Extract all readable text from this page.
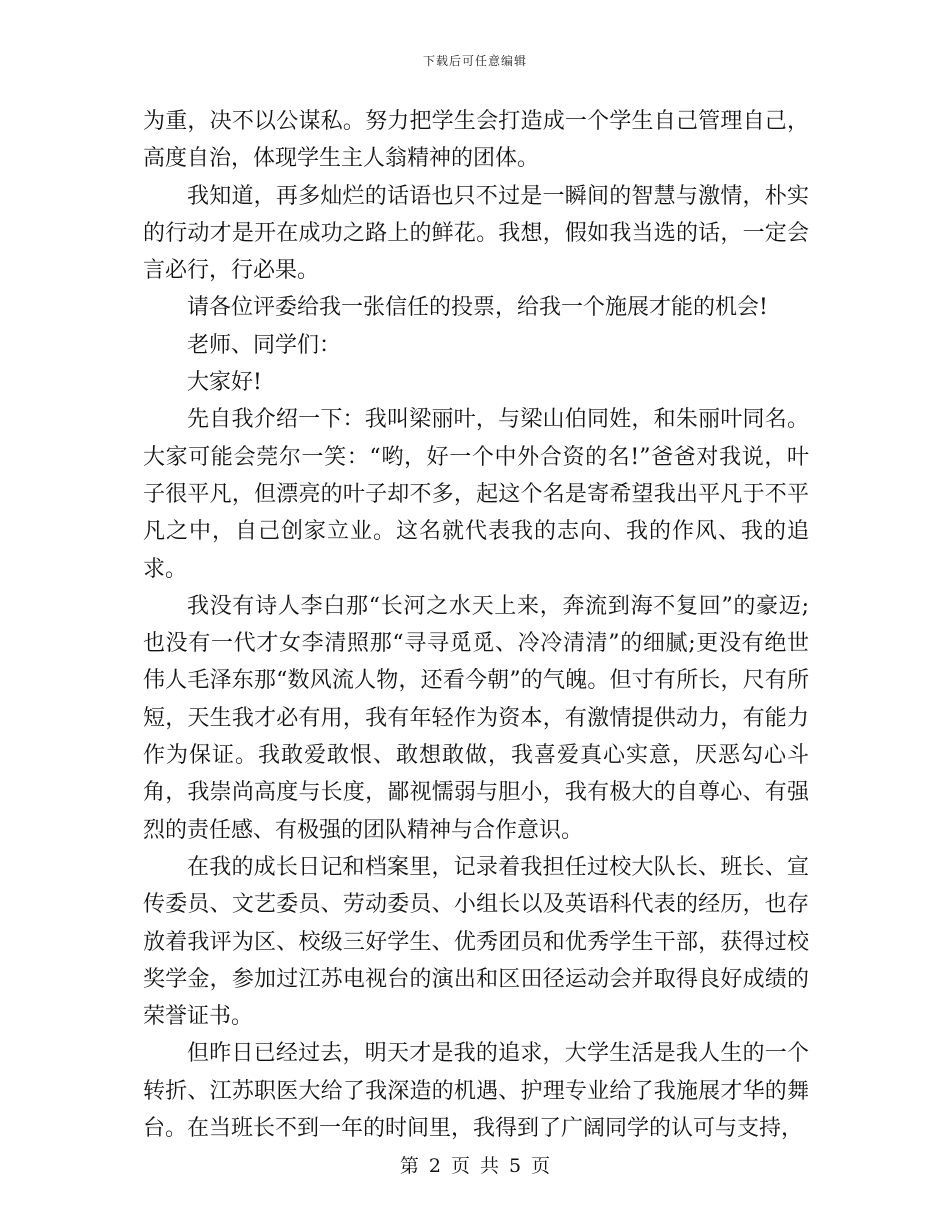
下载后可任意编辑

为重，决不以公谋私。努力把学生会打造成一个学生自己管理自己，高度自治，体现学生主人翁精神的团体。

我知道，再多灿烂的话语也只不过是一瞬间的智慧与激情，朴实的行动才是开在成功之路上的鲜花。我想，假如我当选的话，一定会言必行，行必果。

请各位评委给我一张信任的投票，给我一个施展才能的机会!

老师、同学们：

大家好!

先自我介绍一下：我叫梁丽叶，与梁山伯同姓，和朱丽叶同名。大家可能会莞尔一笑：“哟，好一个中外合资的名!”爸爸对我说，叶子很平凡，但漂亮的叶子却不多，起这个名是寄希望我出平凡于不平凡之中，自己创家立业。这名就代表我的志向、我的作风、我的追求。

我没有诗人李白那“长河之水天上来，奔流到海不复回”的豪迈;也没有一代才女李清照那“寻寻觅觅、冷冷清清”的细腻;更没有绝世伟人毛泽东那“数风流人物，还看今朝”的气魄。但寸有所长，尺有所短，天生我才必有用，我有年轻作为资本，有激情提供动力，有能力作为保证。我敢爱敢恨、敢想敢做，我喜爱真心实意，厌恶勾心斗角，我崇尚高度与长度，鄙视懦弱与胆小，我有极大的自尊心、有强烈的责任感、有极强的团队精神与合作意识。

在我的成长日记和档案里，记录着我担任过校大队长、班长、宣传委员、文艺委员、劳动委员、小组长以及英语科代表的经历，也存放着我评为区、校级三好学生、优秀团员和优秀学生干部，获得过校奖学金，参加过江苏电视台的演出和区田径运动会并取得良好成绩的荣誉证书。

但昨日已经过去，明天才是我的追求，大学生活是我人生的一个转折、江苏职医大给了我深造的机遇、护理专业给了我施展才华的舞台。在当班长不到一年的时间里，我得到了广阔同学的认可与支持，

第 2 页 共 5 页
